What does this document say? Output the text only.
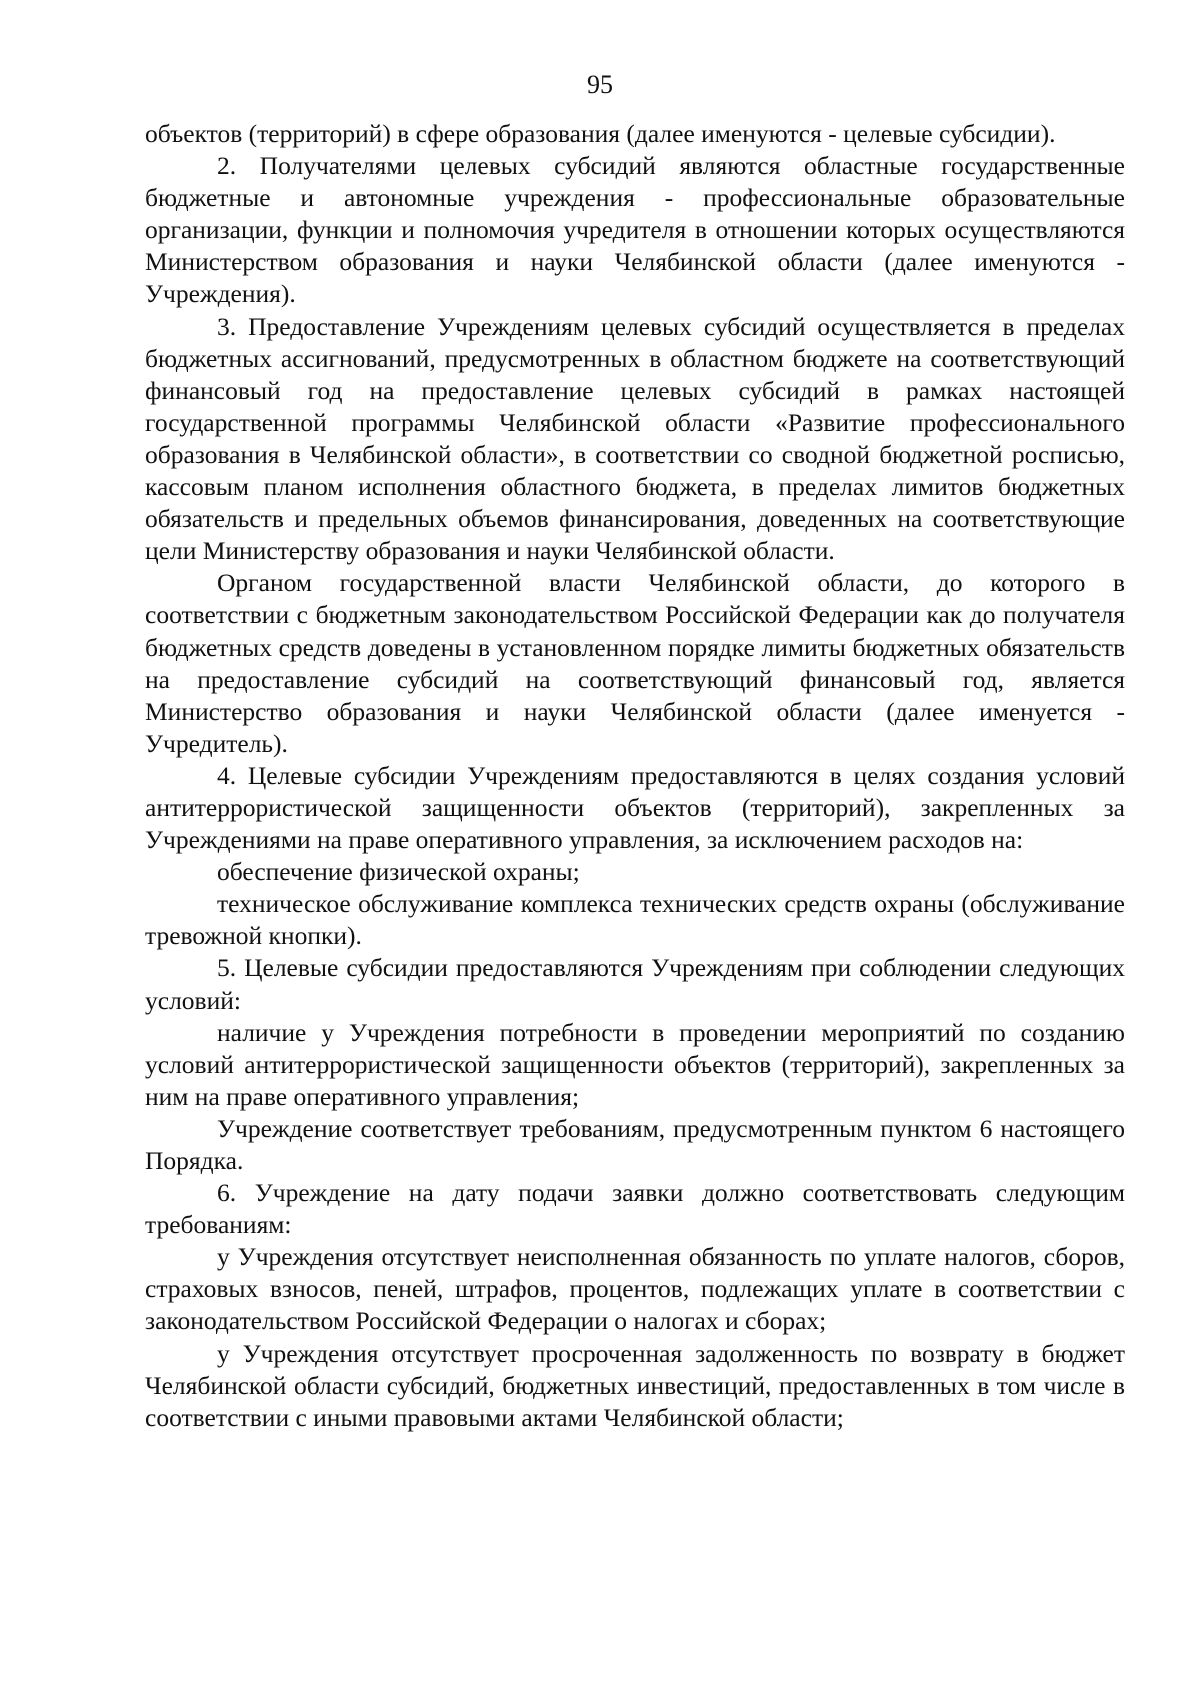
95

объектов (территорий) в сфере образования (далее именуются - целевые субсидии).

2. Получателями целевых субсидий являются областные государственные бюджетные и автономные учреждения - профессиональные образовательные организации, функции и полномочия учредителя в отношении которых осуществляются Министерством образования и науки Челябинской области (далее именуются - Учреждения).

3. Предоставление Учреждениям целевых субсидий осуществляется в пределах бюджетных ассигнований, предусмотренных в областном бюджете на соответствующий финансовый год на предоставление целевых субсидий в рамках настоящей государственной программы Челябинской области «Развитие профессионального образования в Челябинской области», в соответствии со сводной бюджетной росписью, кассовым планом исполнения областного бюджета, в пределах лимитов бюджетных обязательств и предельных объемов финансирования, доведенных на соответствующие цели Министерству образования и науки Челябинской области.

Органом государственной власти Челябинской области, до которого в соответствии с бюджетным законодательством Российской Федерации как до получателя бюджетных средств доведены в установленном порядке лимиты бюджетных обязательств на предоставление субсидий на соответствующий финансовый год, является Министерство образования и науки Челябинской области (далее именуется - Учредитель).

4. Целевые субсидии Учреждениям предоставляются в целях создания условий антитеррористической защищенности объектов (территорий), закрепленных за Учреждениями на праве оперативного управления, за исключением расходов на:

обеспечение физической охраны;

техническое обслуживание комплекса технических средств охраны (обслуживание тревожной кнопки).

5. Целевые субсидии предоставляются Учреждениям при соблюдении следующих условий:

наличие у Учреждения потребности в проведении мероприятий по созданию условий антитеррористической защищенности объектов (территорий), закрепленных за ним на праве оперативного управления;

Учреждение соответствует требованиям, предусмотренным пунктом 6 настоящего Порядка.

6. Учреждение на дату подачи заявки должно соответствовать следующим требованиям:

у Учреждения отсутствует неисполненная обязанность по уплате налогов, сборов, страховых взносов, пеней, штрафов, процентов, подлежащих уплате в соответствии с законодательством Российской Федерации о налогах и сборах;

у Учреждения отсутствует просроченная задолженность по возврату в бюджет Челябинской области субсидий, бюджетных инвестиций, предоставленных в том числе в соответствии с иными правовыми актами Челябинской области;
